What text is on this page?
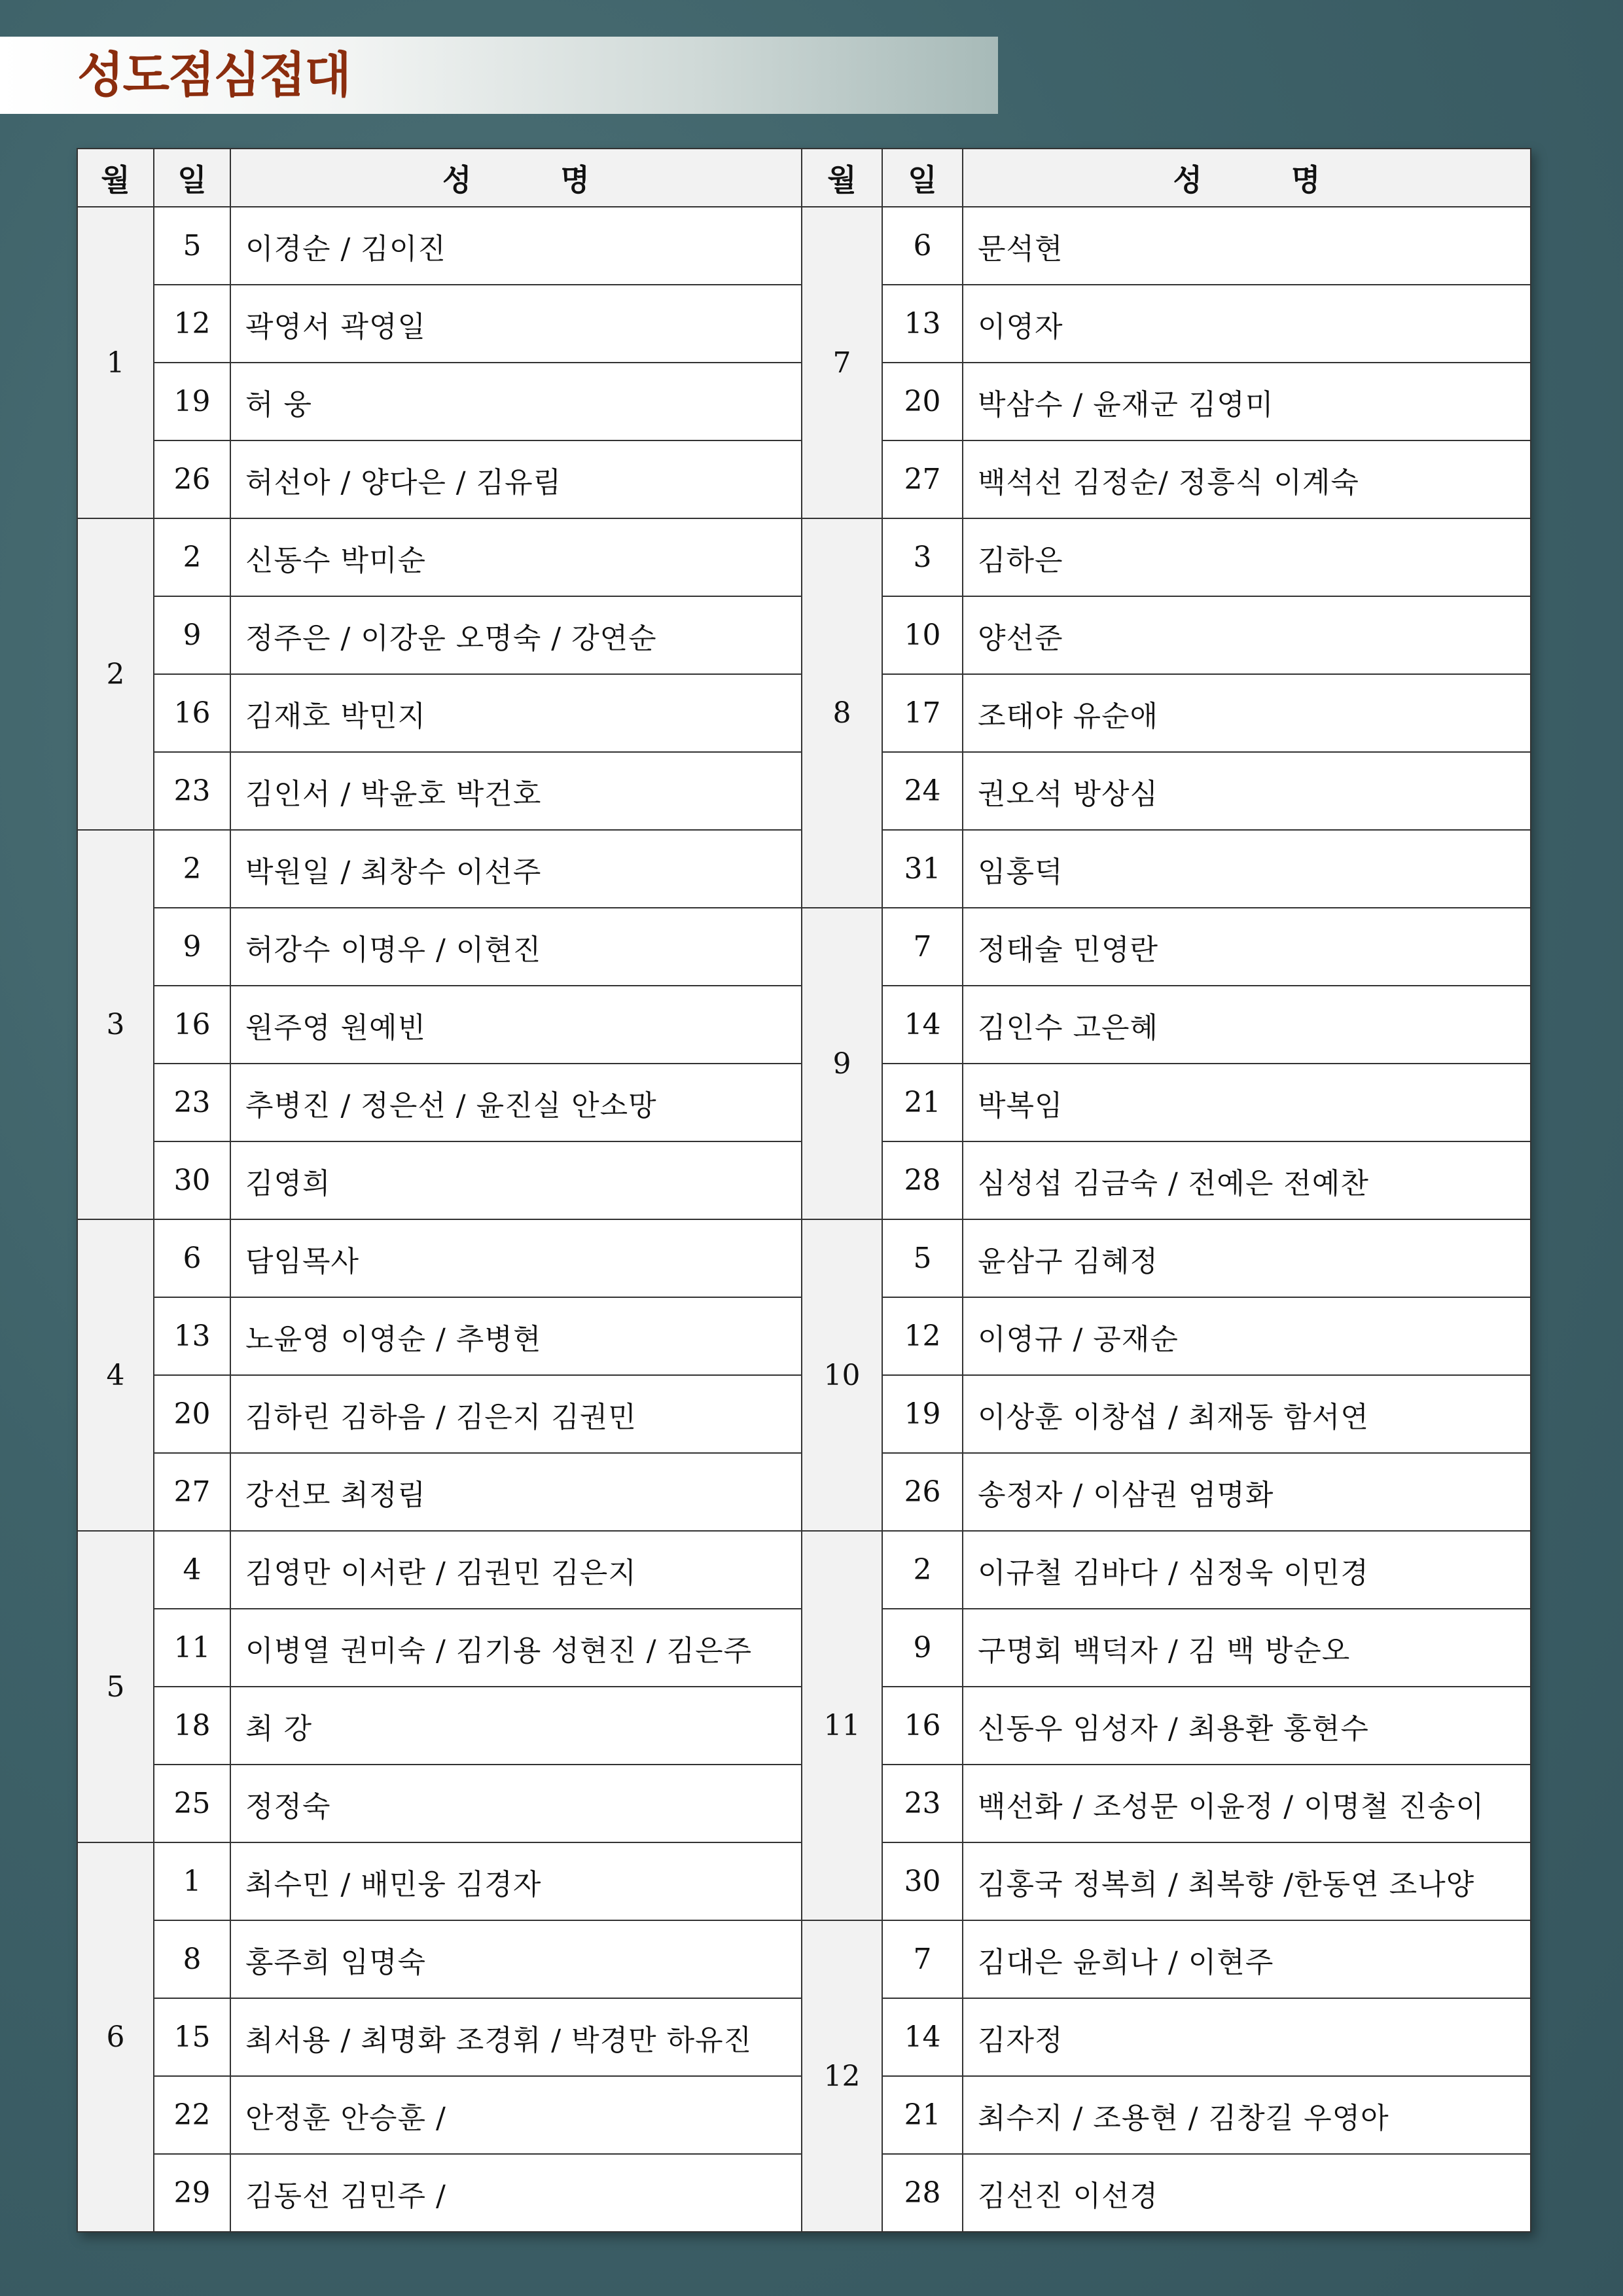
성도점심접대
월	일	성 명	월	일	성 명
1	5	이경순 / 김이진	7	6	문석현
	12	곽영서 곽영일		13	이영자
	19	허 웅		20	박삼수 / 윤재군 김영미
	26	허선아 / 양다은 / 김유림		27	백석선 김정순/ 정흥식 이계숙
2	2	신동수 박미순	8	3	김하은
	9	정주은 / 이강운 오명숙 / 강연순		10	양선준
	16	김재호 박민지		17	조태야 유순애
	23	김인서 / 박윤호 박건호		24	권오석 방상심
3	2	박원일 / 최창수 이선주		31	임홍덕
	9	허강수 이명우 / 이현진	9	7	정태술 민영란
	16	원주영 원예빈		14	김인수 고은혜
	23	추병진 / 정은선 / 윤진실 안소망		21	박복임
	30	김영희		28	심성섭 김금숙 / 전예은 전예찬
4	6	담임목사	10	5	윤삼구 김혜정
	13	노윤영 이영순 / 추병현		12	이영규 / 공재순
	20	김하린 김하음 / 김은지 김권민		19	이상훈 이창섭 / 최재동 함서연
	27	강선모 최정림		26	송정자 / 이삼권 엄명화
5	4	김영만 이서란 / 김권민 김은지	11	2	이규철 김바다 / 심정욱 이민경
	11	이병열 권미숙 / 김기용 성현진 / 김은주		9	구명회 백덕자 / 김 백 방순오
	18	최 강		16	신동우 임성자 / 최용환 홍현수
	25	정정숙		23	백선화 / 조성문 이윤정 / 이명철 진송이
6	1	최수민 / 배민웅 김경자		30	김홍국 정복희 / 최복향 /한동연 조나양
	8	홍주희 임명숙	12	7	김대은 윤희나 / 이현주
	15	최서용 / 최명화 조경휘 / 박경만 하유진		14	김자정
	22	안정훈 안승훈 /		21	최수지 / 조용현 / 김창길 우영아
	29	김동선 김민주 /		28	김선진 이선경
